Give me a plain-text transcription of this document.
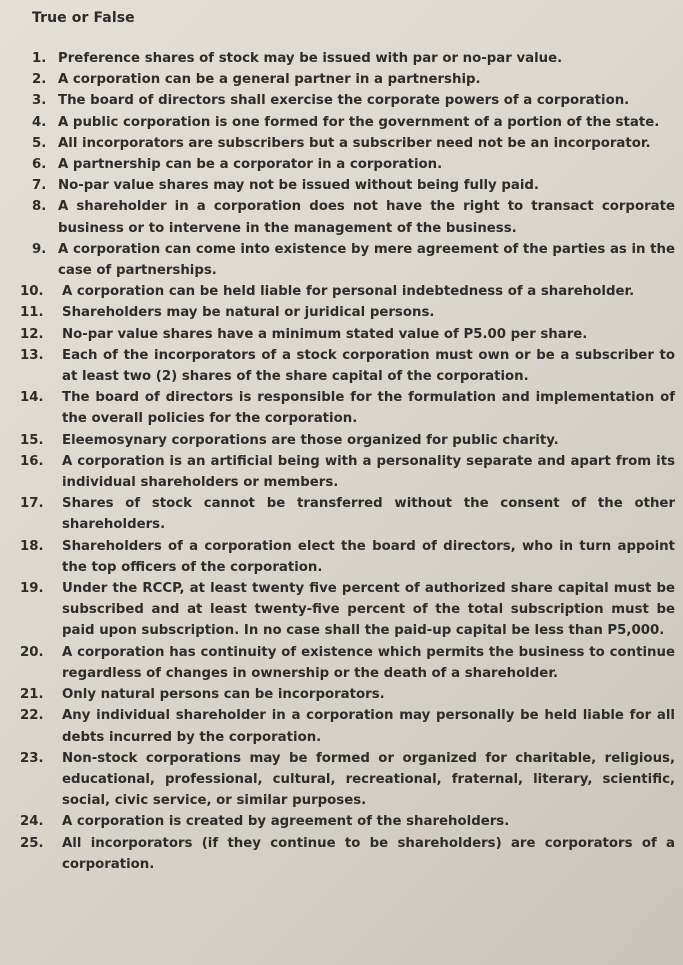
True or False
1. Preference shares of stock may be issued with par or no-par value.
2. A corporation can be a general partner in a partnership.
3. The board of directors shall exercise the corporate powers of a corporation.
4. A public corporation is one formed for the government of a portion of the state.
5. All incorporators are subscribers but a subscriber need not be an incorporator.
6. A partnership can be a corporator in a corporation.
7. No-par value shares may not be issued without being fully paid.
8. A shareholder in a corporation does not have the right to transact corporate business or to intervene in the management of the business.
9. A corporation can come into existence by mere agreement of the parties as in the case of partnerships.
10. A corporation can be held liable for personal indebtedness of a shareholder.
11. Shareholders may be natural or juridical persons.
12. No-par value shares have a minimum stated value of P5.00 per share.
13. Each of the incorporators of a stock corporation must own or be a subscriber to at least two (2) shares of the share capital of the corporation.
14. The board of directors is responsible for the formulation and implementation of the overall policies for the corporation.
15. Eleemosynary corporations are those organized for public charity.
16. A corporation is an artificial being with a personality separate and apart from its individual shareholders or members.
17. Shares of stock cannot be transferred without the consent of the other shareholders.
18. Shareholders of a corporation elect the board of directors, who in turn appoint the top officers of the corporation.
19. Under the RCCP, at least twenty five percent of authorized share capital must be subscribed and at least twenty-five percent of the total subscription must be paid upon subscription. In no case shall the paid-up capital be less than P5,000.
20. A corporation has continuity of existence which permits the business to continue regardless of changes in ownership or the death of a shareholder.
21. Only natural persons can be incorporators.
22. Any individual shareholder in a corporation may personally be held liable for all debts incurred by the corporation.
23. Non-stock corporations may be formed or organized for charitable, religious, educational, professional, cultural, recreational, fraternal, literary, scientific, social, civic service, or similar purposes.
24. A corporation is created by agreement of the shareholders.
25. All incorporators (if they continue to be shareholders) are corporators of a corporation.
